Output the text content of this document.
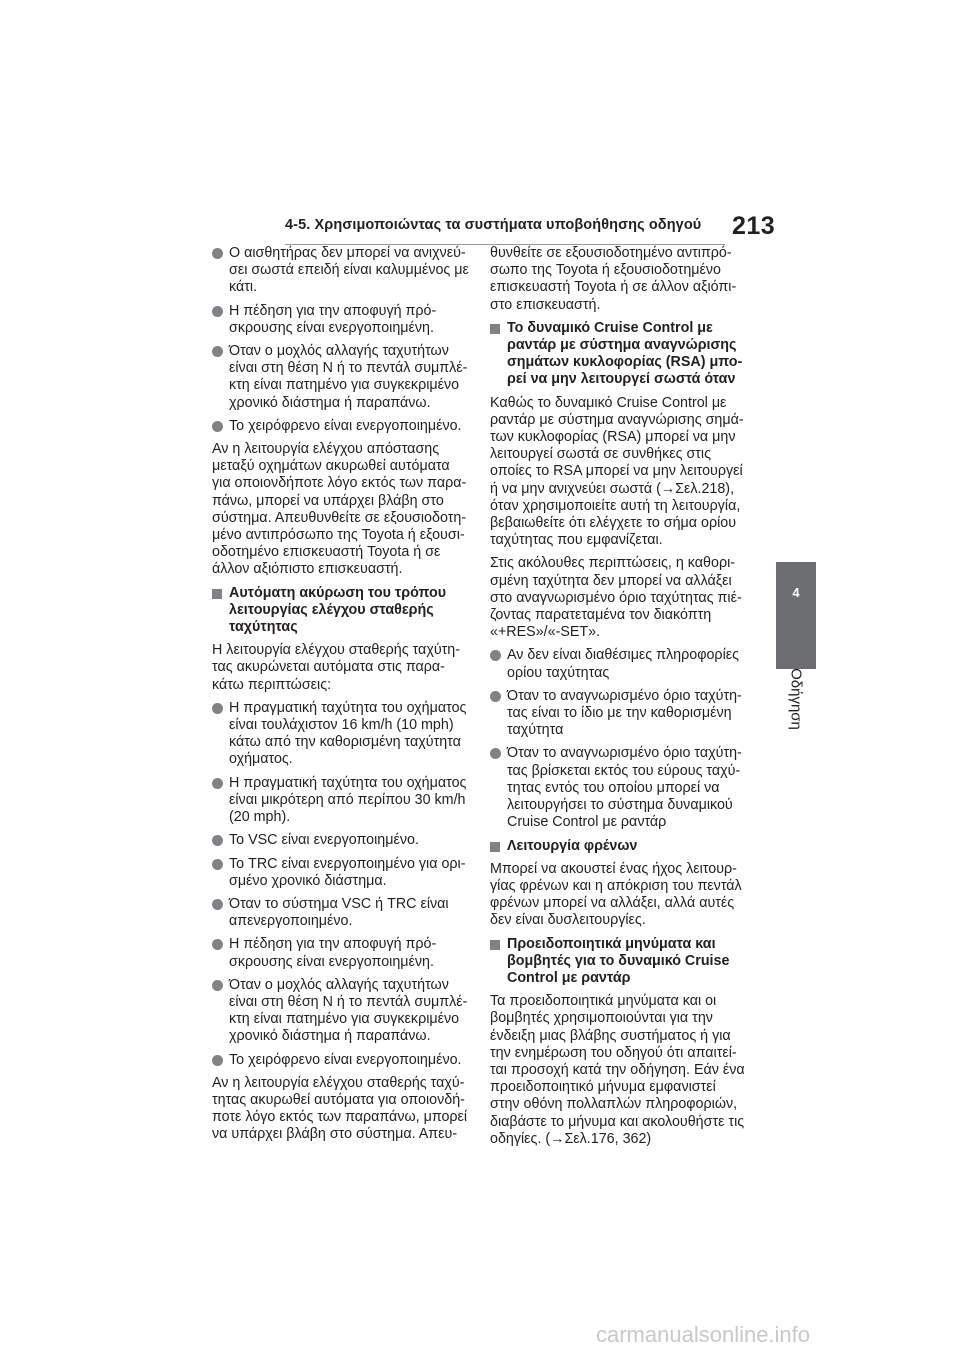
4-5. Χρησιμοποιώντας τα συστήματα υποβοήθησης οδηγού 213
4
Οδήγηση
Ο αισθητήρας δεν μπορεί να ανιχνεύ-
σει σωστά επειδή είναι καλυμμένος με
κάτι.
Η πέδηση για την αποφυγή πρό-
σκρουσης είναι ενεργοποιημένη.
Όταν ο μοχλός αλλαγής ταχυτήτων
είναι στη θέση N ή το πεντάλ συμπλέ-
κτη είναι πατημένο για συγκεκριμένο
χρονικό διάστημα ή παραπάνω.
Το χειρόφρενο είναι ενεργοποιημένο.
Αν η λειτουργία ελέγχου απόστασης
μεταξύ οχημάτων ακυρωθεί αυτόματα
για οποιονδήποτε λόγο εκτός των παρα-
πάνω, μπορεί να υπάρχει βλάβη στο
σύστημα. Απευθυνθείτε σε εξουσιοδοτη-
μένο αντιπρόσωπο της Toyota ή εξουσι-
οδοτημένο επισκευαστή Toyota ή σε
άλλον αξιόπιστο επισκευαστή.
Αυτόματη ακύρωση του τρόπου
λειτουργίας ελέγχου σταθερής
ταχύτητας
Η λειτουργία ελέγχου σταθερής ταχύτη-
τας ακυρώνεται αυτόματα στις παρα-
κάτω περιπτώσεις:
Η πραγματική ταχύτητα του οχήματος
είναι τουλάχιστον 16 km/h (10 mph)
κάτω από την καθορισμένη ταχύτητα
οχήματος.
Η πραγματική ταχύτητα του οχήματος
είναι μικρότερη από περίπου 30 km/h
(20 mph).
Το VSC είναι ενεργοποιημένο.
Το TRC είναι ενεργοποιημένο για ορι-
σμένο χρονικό διάστημα.
Όταν το σύστημα VSC ή TRC είναι
απενεργοποιημένο.
Η πέδηση για την αποφυγή πρό-
σκρουσης είναι ενεργοποιημένη.
Όταν ο μοχλός αλλαγής ταχυτήτων
είναι στη θέση N ή το πεντάλ συμπλέ-
κτη είναι πατημένο για συγκεκριμένο
χρονικό διάστημα ή παραπάνω.
Το χειρόφρενο είναι ενεργοποιημένο.
Αν η λειτουργία ελέγχου σταθερής ταχύ-
τητας ακυρωθεί αυτόματα για οποιονδή-
ποτε λόγο εκτός των παραπάνω, μπορεί
να υπάρχει βλάβη στο σύστημα. Απευ-
θυνθείτε σε εξουσιοδοτημένο αντιπρό-
σωπο της Toyota ή εξουσιοδοτημένο
επισκευαστή Toyota ή σε άλλον αξιόπι-
στο επισκευαστή.
Το δυναμικό Cruise Control με
ραντάρ με σύστημα αναγνώρισης
σημάτων κυκλοφορίας (RSA) μπο-
ρεί να μην λειτουργεί σωστά όταν
Καθώς το δυναμικό Cruise Control με
ραντάρ με σύστημα αναγνώρισης σημά-
των κυκλοφορίας (RSA) μπορεί να μην
λειτουργεί σωστά σε συνθήκες στις
οποίες το RSA μπορεί να μην λειτουργεί
ή να μην ανιχνεύει σωστά (→Σελ.218),
όταν χρησιμοποιείτε αυτή τη λειτουργία,
βεβαιωθείτε ότι ελέγχετε το σήμα ορίου
ταχύτητας που εμφανίζεται.
Στις ακόλουθες περιπτώσεις, η καθορι-
σμένη ταχύτητα δεν μπορεί να αλλάξει
στο αναγνωρισμένο όριο ταχύτητας πιέ-
ζοντας παρατεταμένα τον διακόπτη
«+RES»/«-SET».
Αν δεν είναι διαθέσιμες πληροφορίες
ορίου ταχύτητας
Όταν το αναγνωρισμένο όριο ταχύτη-
τας είναι το ίδιο με την καθορισμένη
ταχύτητα
Όταν το αναγνωρισμένο όριο ταχύτη-
τας βρίσκεται εκτός του εύρους ταχύ-
τητας εντός του οποίου μπορεί να
λειτουργήσει το σύστημα δυναμικού
Cruise Control με ραντάρ
Λειτουργία φρένων
Μπορεί να ακουστεί ένας ήχος λειτουρ-
γίας φρένων και η απόκριση του πεντάλ
φρένων μπορεί να αλλάξει, αλλά αυτές
δεν είναι δυσλειτουργίες.
Προειδοποιητικά μηνύματα και
βομβητές για το δυναμικό Cruise
Control με ραντάρ
Τα προειδοποιητικά μηνύματα και οι
βομβητές χρησιμοποιούνται για την
ένδειξη μιας βλάβης συστήματος ή για
την ενημέρωση του οδηγού ότι απαιτεί-
ται προσοχή κατά την οδήγηση. Εάν ένα
προειδοποιητικό μήνυμα εμφανιστεί
στην οθόνη πολλαπλών πληροφοριών,
διαβάστε το μήνυμα και ακολουθήστε τις
οδηγίες. (→Σελ.176, 362)
carmanualsonline.info
